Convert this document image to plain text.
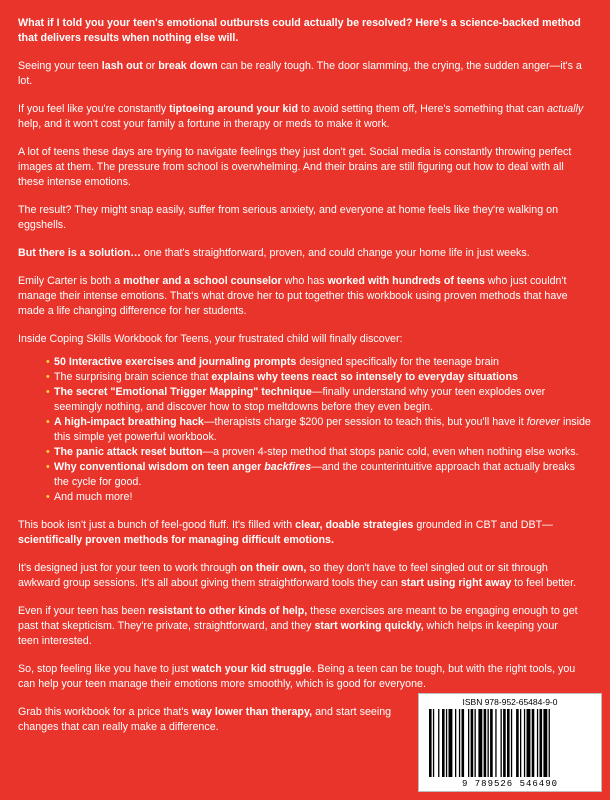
What if I told you your teen's emotional outbursts could actually be resolved? Here's a science-backed method that delivers results when nothing else will.

Seeing your teen lash out or break down can be really tough. The door slamming, the crying, the sudden anger—it's a lot.

If you feel like you're constantly tiptoeing around your kid to avoid setting them off, Here's something that can actually help, and it won't cost your family a fortune in therapy or meds to make it work.

A lot of teens these days are trying to navigate feelings they just don't get. Social media is constantly throwing perfect images at them. The pressure from school is overwhelming. And their brains are still figuring out how to deal with all these intense emotions.

The result? They might snap easily, suffer from serious anxiety, and everyone at home feels like they're walking on eggshells.

But there is a solution… one that's straightforward, proven, and could change your home life in just weeks.

Emily Carter is both a mother and a school counselor who has worked with hundreds of teens who just couldn't manage their intense emotions. That's what drove her to put together this workbook using proven methods that have made a life changing difference for her students.

Inside Coping Skills Workbook for Teens, your frustrated child will finally discover:

• 50 Interactive exercises and journaling prompts designed specifically for the teenage brain
• The surprising brain science that explains why teens react so intensely to everyday situations
• The secret "Emotional Trigger Mapping" technique—finally understand why your teen explodes over seemingly nothing, and discover how to stop meltdowns before they even begin.
• A high-impact breathing hack—therapists charge $200 per session to teach this, but you'll have it forever inside this simple yet powerful workbook.
• The panic attack reset button—a proven 4-step method that stops panic cold, even when nothing else works.
• Why conventional wisdom on teen anger backfires—and the counterintuitive approach that actually breaks the cycle for good.
• And much more!

This book isn't just a bunch of feel-good fluff. It's filled with clear, doable strategies grounded in CBT and DBT—scientifically proven methods for managing difficult emotions.

It's designed just for your teen to work through on their own, so they don't have to feel singled out or sit through awkward group sessions. It's all about giving them straightforward tools they can start using right away to feel better.

Even if your teen has been resistant to other kinds of help, these exercises are meant to be engaging enough to get past that skepticism. They're private, straightforward, and they start working quickly, which helps in keeping your teen interested.

So, stop feeling like you have to just watch your kid struggle. Being a teen can be tough, but with the right tools, you can help your teen manage their emotions more smoothly, which is good for everyone.

Grab this workbook for a price that's way lower than therapy, and start seeing changes that can really make a difference.

ISBN 978-952-65484-9-0
9 789526 546490
